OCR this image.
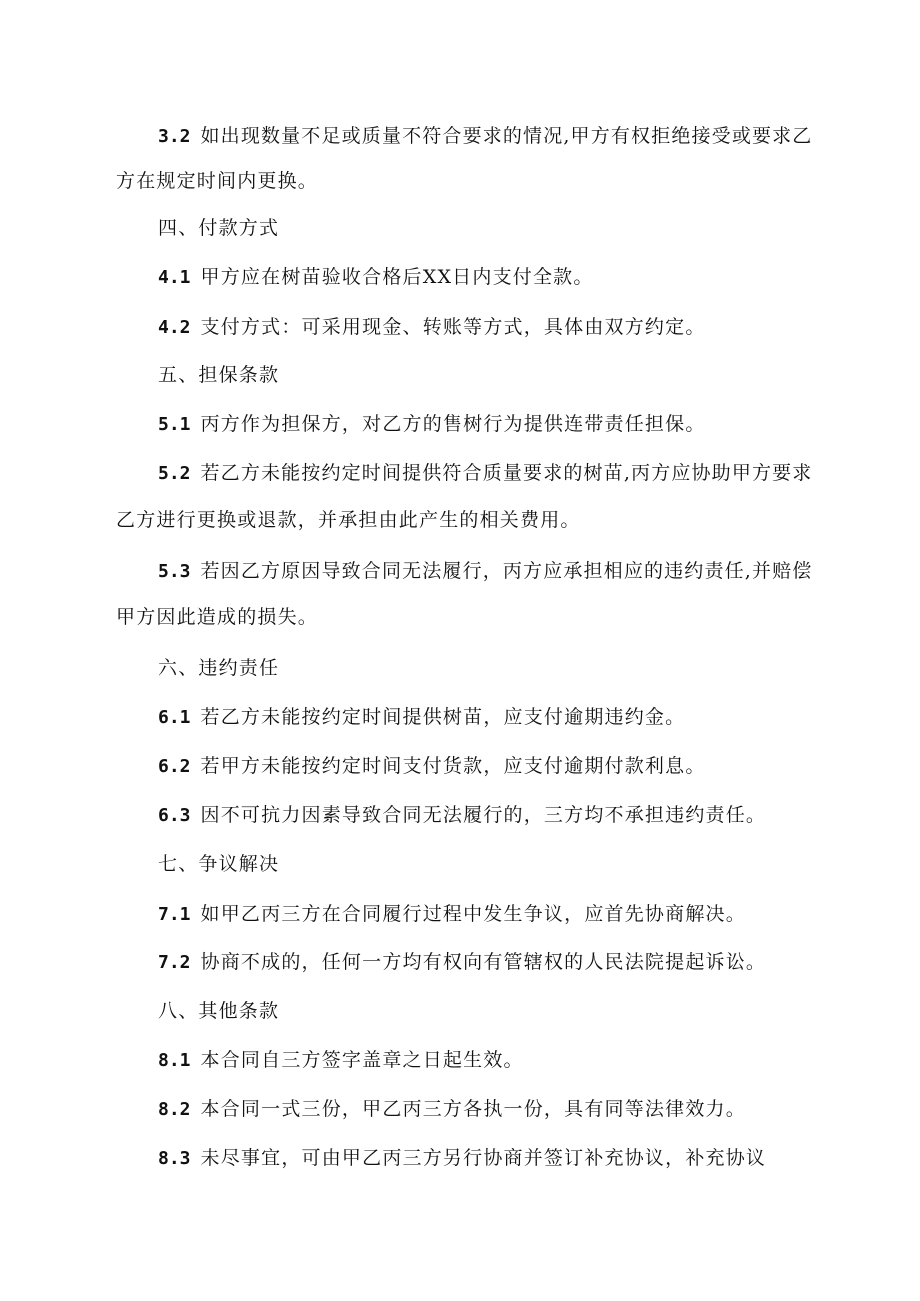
3.2 如出现数量不足或质量不符合要求的情况,甲方有权拒绝接受或要求乙
方在规定时间内更换。
四、付款方式
4.1 甲方应在树苗验收合格后XX日内支付全款。
4.2 支付方式：可采用现金、转账等方式，具体由双方约定。
五、担保条款
5.1 丙方作为担保方，对乙方的售树行为提供连带责任担保。
5.2 若乙方未能按约定时间提供符合质量要求的树苗,丙方应协助甲方要求
乙方进行更换或退款，并承担由此产生的相关费用。
5.3 若因乙方原因导致合同无法履行，丙方应承担相应的违约责任,并赔偿
甲方因此造成的损失。
六、违约责任
6.1 若乙方未能按约定时间提供树苗，应支付逾期违约金。
6.2 若甲方未能按约定时间支付货款，应支付逾期付款利息。
6.3 因不可抗力因素导致合同无法履行的，三方均不承担违约责任。
七、争议解决
7.1 如甲乙丙三方在合同履行过程中发生争议，应首先协商解决。
7.2 协商不成的，任何一方均有权向有管辖权的人民法院提起诉讼。
八、其他条款
8.1 本合同自三方签字盖章之日起生效。
8.2 本合同一式三份，甲乙丙三方各执一份，具有同等法律效力。
8.3 未尽事宜，可由甲乙丙三方另行协商并签订补充协议，补充协议
